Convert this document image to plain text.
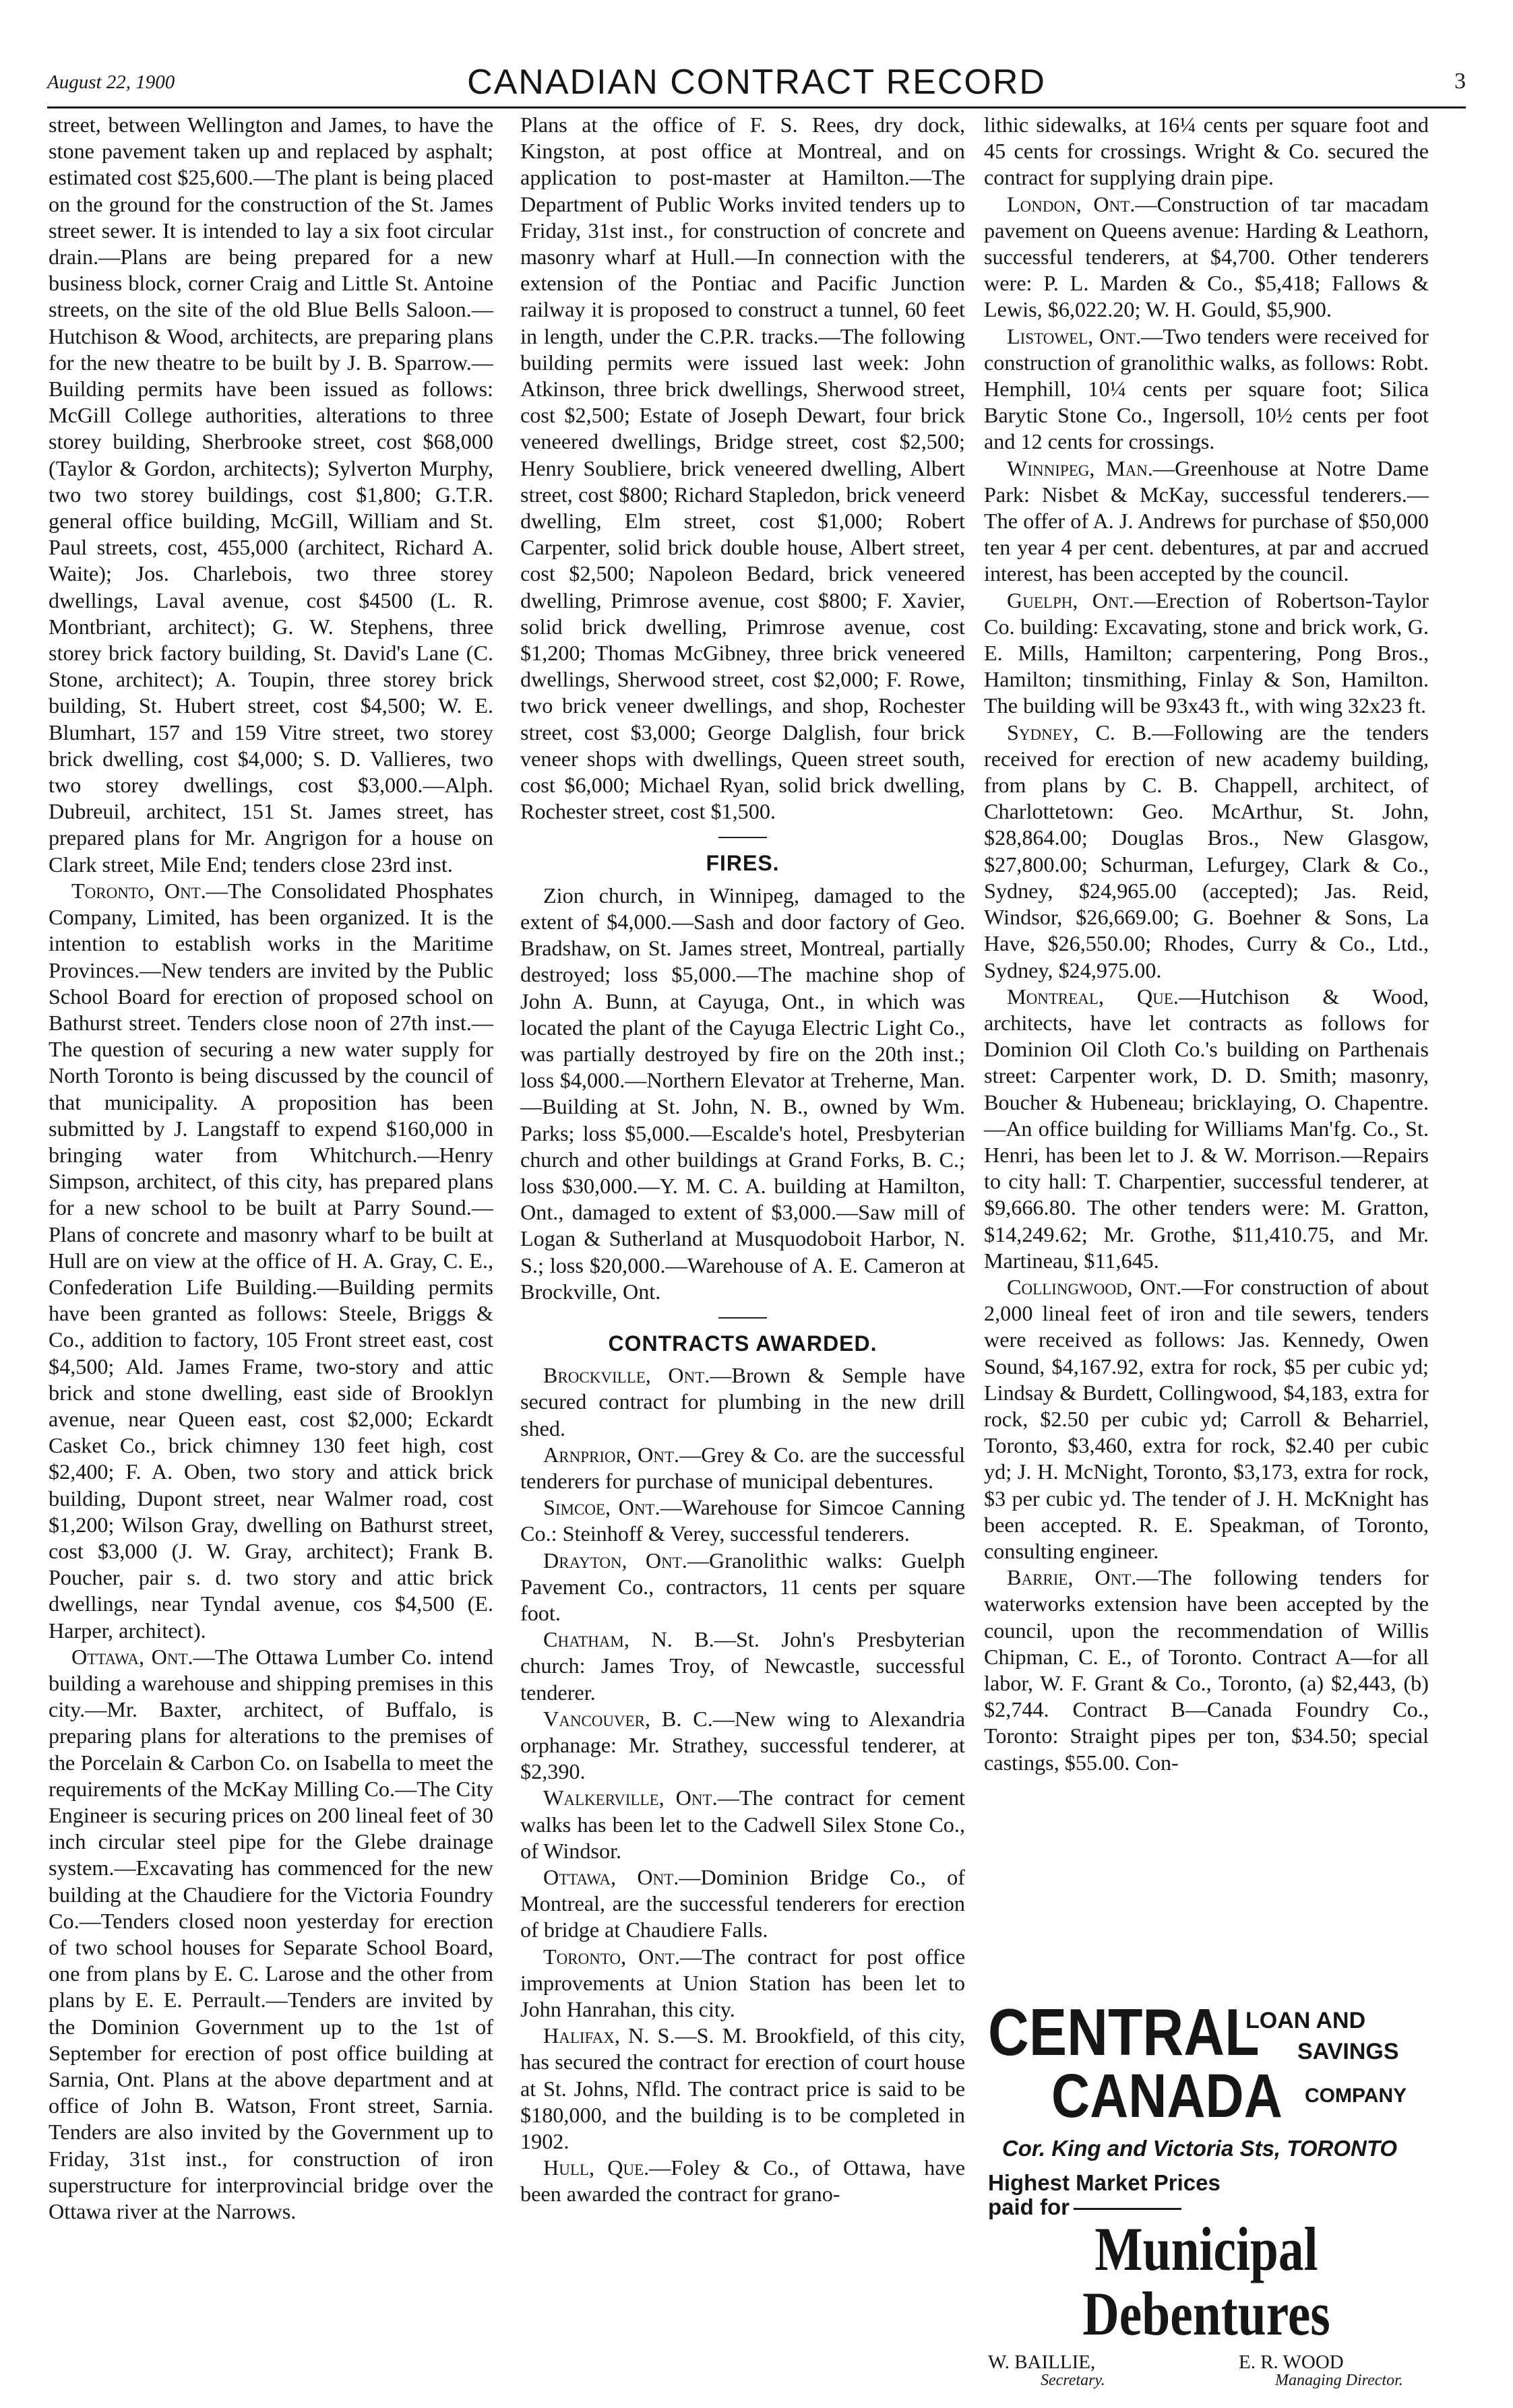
August 22, 1900	CANADIAN CONTRACT RECORD	3

street, between Wellington and James, to have the stone pavement taken up and replaced by asphalt; estimated cost $25,600.—The plant is being placed on the ground for the construction of the St. James street sewer. It is intended to lay a six foot circular drain.—Plans are being prepared for a new business block, corner Craig and Little St. Antoine streets, on the site of the old Blue Bells Saloon.—Hutchison & Wood, architects, are preparing plans for the new theatre to be built by J. B. Sparrow.—Building permits have been issued as follows: McGill College authorities, alterations to three storey building, Sherbrooke street, cost $68,000 (Taylor & Gordon, architects); Sylverton Murphy, two two storey buildings, cost $1,800; G.T.R. general office building, McGill, William and St. Paul streets, cost, 455,000 (architect, Richard A. Waite); Jos. Charlebois, two three storey dwellings, Laval avenue, cost $4500 (L. R. Montbriant, architect); G. W. Stephens, three storey brick factory building, St. David's Lane (C. Stone, architect); A. Toupin, three storey brick building, St. Hubert street, cost $4,500; W. E. Blumhart, 157 and 159 Vitre street, two storey brick dwelling, cost $4,000; S. D. Vallieres, two two storey dwellings, cost $3,000.—Alph. Dubreuil, architect, 151 St. James street, has prepared plans for Mr. Angrigon for a house on Clark street, Mile End; tenders close 23rd inst.

Toronto, Ont.—The Consolidated Phosphates Company, Limited, has been organized. It is the intention to establish works in the Maritime Provinces.—New tenders are invited by the Public School Board for erection of proposed school on Bathurst street. Tenders close noon of 27th inst.—The question of securing a new water supply for North Toronto is being discussed by the council of that municipality. A proposition has been submitted by J. Langstaff to expend $160,000 in bringing water from Whitchurch.—Henry Simpson, architect, of this city, has prepared plans for a new school to be built at Parry Sound.—Plans of concrete and masonry wharf to be built at Hull are on view at the office of H. A. Gray, C. E., Confederation Life Building.—Building permits have been granted as follows: Steele, Briggs & Co., addition to factory, 105 Front street east, cost $4,500; Ald. James Frame, two-story and attic brick and stone dwelling, east side of Brooklyn avenue, near Queen east, cost $2,000; Eckardt Casket Co., brick chimney 130 feet high, cost $2,400; F. A. Oben, two story and attick brick building, Dupont street, near Walmer road, cost $1,200; Wilson Gray, dwelling on Bathurst street, cost $3,000 (J. W. Gray, architect); Frank B. Poucher, pair s. d. two story and attic brick dwellings, near Tyndal avenue, cos $4,500 (E. Harper, architect).

Ottawa, Ont.—The Ottawa Lumber Co. intend building a warehouse and shipping premises in this city.—Mr. Baxter, architect, of Buffalo, is preparing plans for alterations to the premises of the Porcelain & Carbon Co. on Isabella to meet the requirements of the McKay Milling Co.—The City Engineer is securing prices on 200 lineal feet of 30 inch circular steel pipe for the Glebe drainage system.—Excavating has commenced for the new building at the Chaudiere for the Victoria Foundry Co.—Tenders closed noon yesterday for erection of two school houses for Separate School Board, one from plans by E. C. Larose and the other from plans by E. E. Perrault.—Tenders are invited by the Dominion Government up to the 1st of September for erection of post office building at Sarnia, Ont. Plans at the above department and at office of John B. Watson, Front street, Sarnia. Tenders are also invited by the Government up to Friday, 31st inst., for construction of iron superstructure for interprovincial bridge over the Ottawa river at the Narrows.

Plans at the office of F. S. Rees, dry dock, Kingston, at post office at Montreal, and on application to post-master at Hamilton.—The Department of Public Works invited tenders up to Friday, 31st inst., for construction of concrete and masonry wharf at Hull.—In connection with the extension of the Pontiac and Pacific Junction railway it is proposed to construct a tunnel, 60 feet in length, under the C.P.R. tracks.—The following building permits were issued last week: John Atkinson, three brick dwellings, Sherwood street, cost $2,500; Estate of Joseph Dewart, four brick veneered dwellings, Bridge street, cost $2,500; Henry Soubliere, brick veneered dwelling, Albert street, cost $800; Richard Stapledon, brick veneerd dwelling, Elm street, cost $1,000; Robert Carpenter, solid brick double house, Albert street, cost $2,500; Napoleon Bedard, brick veneered dwelling, Primrose avenue, cost $800; F. Xavier, solid brick dwelling, Primrose avenue, cost $1,200; Thomas McGibney, three brick veneered dwellings, Sherwood street, cost $2,000; F. Rowe, two brick veneer dwellings, and shop, Rochester street, cost $3,000; George Dalglish, four brick veneer shops with dwellings, Queen street south, cost $6,000; Michael Ryan, solid brick dwelling, Rochester street, cost $1,500.

FIRES.

Zion church, in Winnipeg, damaged to the extent of $4,000.—Sash and door factory of Geo. Bradshaw, on St. James street, Montreal, partially destroyed; loss $5,000.—The machine shop of John A. Bunn, at Cayuga, Ont., in which was located the plant of the Cayuga Electric Light Co., was partially destroyed by fire on the 20th inst.; loss $4,000.—Northern Elevator at Treherne, Man.—Building at St. John, N. B., owned by Wm. Parks; loss $5,000.—Escalde's hotel, Presbyterian church and other buildings at Grand Forks, B. C.; loss $30,000.—Y. M. C. A. building at Hamilton, Ont., damaged to extent of $3,000.—Saw mill of Logan & Sutherland at Musquodoboit Harbor, N. S.; loss $20,000.—Warehouse of A. E. Cameron at Brockville, Ont.

CONTRACTS AWARDED.

Brockville, Ont.—Brown & Semple have secured contract for plumbing in the new drill shed.

Arnprior, Ont.—Grey & Co. are the successful tenderers for purchase of municipal debentures.

Simcoe, Ont.—Warehouse for Simcoe Canning Co.: Steinhoff & Verey, successful tenderers.

Drayton, Ont.—Granolithic walks: Guelph Pavement Co., contractors, 11 cents per square foot.

Chatham, N. B.—St. John's Presbyterian church: James Troy, of Newcastle, successful tenderer.

Vancouver, B. C.—New wing to Alexandria orphanage: Mr. Strathey, successful tenderer, at $2,390.

Walkerville, Ont.—The contract for cement walks has been let to the Cadwell Silex Stone Co., of Windsor.

Ottawa, Ont.—Dominion Bridge Co., of Montreal, are the successful tenderers for erection of bridge at Chaudiere Falls.

Toronto, Ont.—The contract for post office improvements at Union Station has been let to John Hanrahan, this city.

Halifax, N. S.—S. M. Brookfield, of this city, has secured the contract for erection of court house at St. Johns, Nfld. The contract price is said to be $180,000, and the building is to be completed in 1902.

Hull, Que.—Foley & Co., of Ottawa, have been awarded the contract for grano-

lithic sidewalks, at 16¼ cents per square foot and 45 cents for crossings. Wright & Co. secured the contract for supplying drain pipe.

London, Ont.—Construction of tar macadam pavement on Queens avenue: Harding & Leathorn, successful tenderers, at $4,700. Other tenderers were: P. L. Marden & Co., $5,418; Fallows & Lewis, $6,022.20; W. H. Gould, $5,900.

Listowel, Ont.—Two tenders were received for construction of granolithic walks, as follows: Robt. Hemphill, 10¼ cents per square foot; Silica Barytic Stone Co., Ingersoll, 10½ cents per foot and 12 cents for crossings.

Winnipeg, Man.—Greenhouse at Notre Dame Park: Nisbet & McKay, successful tenderers.—The offer of A. J. Andrews for purchase of $50,000 ten year 4 per cent. debentures, at par and accrued interest, has been accepted by the council.

Guelph, Ont.—Erection of Robertson-Taylor Co. building: Excavating, stone and brick work, G. E. Mills, Hamilton; carpentering, Pong Bros., Hamilton; tinsmithing, Finlay & Son, Hamilton. The building will be 93x43 ft., with wing 32x23 ft.

Sydney, C. B.—Following are the tenders received for erection of new academy building, from plans by C. B. Chappell, architect, of Charlottetown: Geo. McArthur, St. John, $28,864.00; Douglas Bros., New Glasgow, $27,800.00; Schurman, Lefurgey, Clark & Co., Sydney, $24,965.00 (accepted); Jas. Reid, Windsor, $26,669.00; G. Boehner & Sons, La Have, $26,550.00; Rhodes, Curry & Co., Ltd., Sydney, $24,975.00.

Montreal, Que.—Hutchison & Wood, architects, have let contracts as follows for Dominion Oil Cloth Co.'s building on Parthenais street: Carpenter work, D. D. Smith; masonry, Boucher & Hubeneau; bricklaying, O. Chapentre.—An office building for Williams Man'fg. Co., St. Henri, has been let to J. & W. Morrison.—Repairs to city hall: T. Charpentier, successful tenderer, at $9,666.80. The other tenders were: M. Gratton, $14,249.62; Mr. Grothe, $11,410.75, and Mr. Martineau, $11,645.

Collingwood, Ont.—For construction of about 2,000 lineal feet of iron and tile sewers, tenders were received as follows: Jas. Kennedy, Owen Sound, $4,167.92, extra for rock, $5 per cubic yd; Lindsay & Burdett, Collingwood, $4,183, extra for rock, $2.50 per cubic yd; Carroll & Beharriel, Toronto, $3,460, extra for rock, $2.40 per cubic yd; J. H. McNight, Toronto, $3,173, extra for rock, $3 per cubic yd. The tender of J. H. McKnight has been accepted. R. E. Speakman, of Toronto, consulting engineer.

Barrie, Ont.—The following tenders for waterworks extension have been accepted by the council, upon the recommendation of Willis Chipman, C. E., of Toronto. Contract A—for all labor, W. F. Grant & Co., Toronto, (a) $2,443, (b) $2,744. Contract B—Canada Foundry Co., Toronto: Straight pipes per ton, $34.50; special castings, $55.00. Con-

CENTRAL
CANADA
LOAN AND
SAVINGS
COMPANY
Cor. King and Victoria Sts, TORONTO
Highest Market Prices
paid for
Municipal
Debentures
W. BAILLIE,
Secretary.
E. R. WOOD
Managing Director.
